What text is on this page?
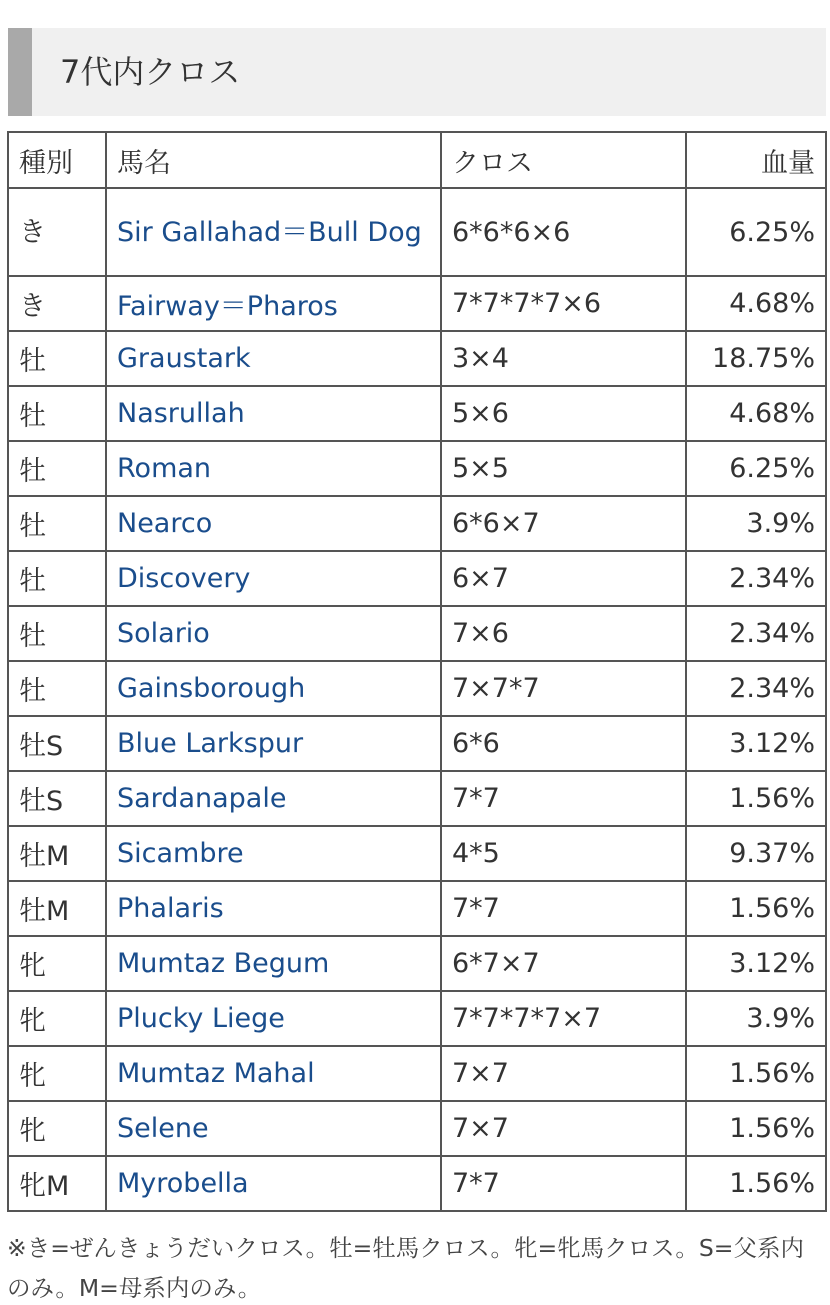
7代内クロス
種別	馬名	クロス	血量
き	Sir Gallahad＝Bull Dog	6*6*6×6	6.25%
き	Fairway＝Pharos	7*7*7*7×6	4.68%
牡	Graustark	3×4	18.75%
牡	Nasrullah	5×6	4.68%
牡	Roman	5×5	6.25%
牡	Nearco	6*6×7	3.9%
牡	Discovery	6×7	2.34%
牡	Solario	7×6	2.34%
牡	Gainsborough	7×7*7	2.34%
牡S	Blue Larkspur	6*6	3.12%
牡S	Sardanapale	7*7	1.56%
牡M	Sicambre	4*5	9.37%
牡M	Phalaris	7*7	1.56%
牝	Mumtaz Begum	6*7×7	3.12%
牝	Plucky Liege	7*7*7*7×7	3.9%
牝	Mumtaz Mahal	7×7	1.56%
牝	Selene	7×7	1.56%
牝M	Myrobella	7*7	1.56%
※き=ぜんきょうだいクロス。牡=牡馬クロス。牝=牝馬クロス。S=父系内のみ。M=母系内のみ。
